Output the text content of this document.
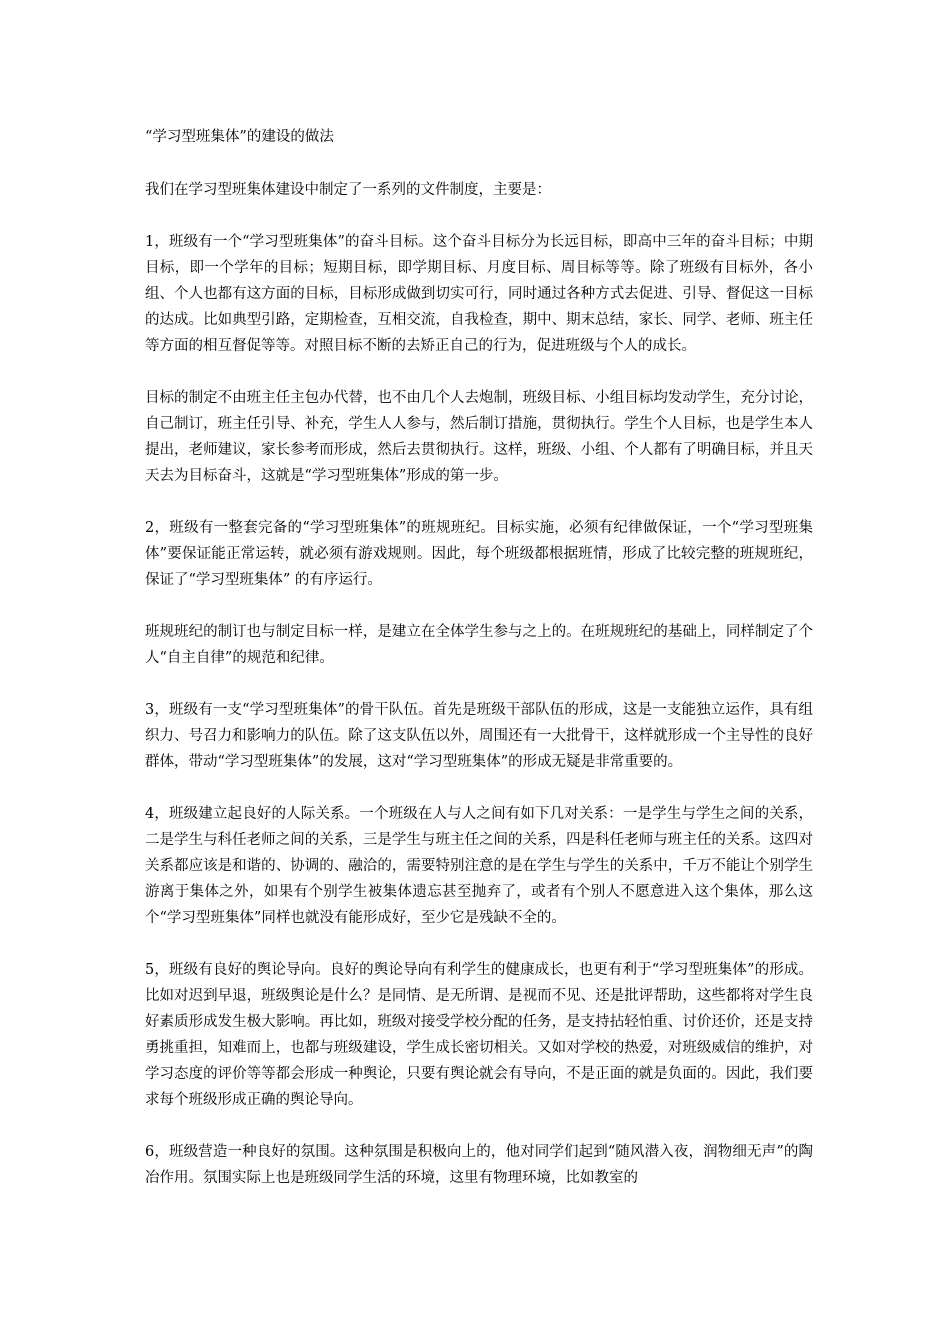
“学习型班集体”的建设的做法

我们在学习型班集体建设中制定了一系列的文件制度，主要是：

1，班级有一个“学习型班集体”的奋斗目标。这个奋斗目标分为长远目标，即高中三年的奋斗目标；中期目标，即一个学年的目标；短期目标，即学期目标、月度目标、周目标等等。除了班级有目标外，各小组、个人也都有这方面的目标，目标形成做到切实可行，同时通过各种方式去促进、引导、督促这一目标的达成。比如典型引路，定期检查，互相交流，自我检查，期中、期末总结，家长、同学、老师、班主任等方面的相互督促等等。对照目标不断的去矫正自己的行为，促进班级与个人的成长。

目标的制定不由班主任主包办代替，也不由几个人去炮制，班级目标、小组目标均发动学生，充分讨论，自己制订，班主任引导、补充，学生人人参与，然后制订措施，贯彻执行。学生个人目标，也是学生本人提出，老师建议，家长参考而形成，然后去贯彻执行。这样，班级、小组、个人都有了明确目标，并且天天去为目标奋斗，这就是“学习型班集体”形成的第一步。

2，班级有一整套完备的“学习型班集体”的班规班纪。目标实施，必须有纪律做保证，一个“学习型班集体”要保证能正常运转，就必须有游戏规则。因此，每个班级都根据班情，形成了比较完整的班规班纪，保证了“学习型班集体” 的有序运行。

班规班纪的制订也与制定目标一样，是建立在全体学生参与之上的。在班规班纪的基础上，同样制定了个人“自主自律”的规范和纪律。

3，班级有一支“学习型班集体”的骨干队伍。首先是班级干部队伍的形成，这是一支能独立运作，具有组织力、号召力和影响力的队伍。除了这支队伍以外，周围还有一大批骨干，这样就形成一个主导性的良好群体，带动“学习型班集体”的发展，这对“学习型班集体”的形成无疑是非常重要的。

4，班级建立起良好的人际关系。一个班级在人与人之间有如下几对关系：一是学生与学生之间的关系，二是学生与科任老师之间的关系，三是学生与班主任之间的关系，四是科任老师与班主任的关系。这四对关系都应该是和谐的、协调的、融洽的，需要特别注意的是在学生与学生的关系中，千万不能让个别学生游离于集体之外，如果有个别学生被集体遗忘甚至抛弃了，或者有个别人不愿意进入这个集体，那么这个“学习型班集体”同样也就没有能形成好，至少它是残缺不全的。

5，班级有良好的舆论导向。良好的舆论导向有利学生的健康成长，也更有利于“学习型班集体”的形成。比如对迟到早退，班级舆论是什么？是同情、是无所谓、是视而不见、还是批评帮助，这些都将对学生良好素质形成发生极大影响。再比如，班级对接受学校分配的任务，是支持拈轻怕重、讨价还价，还是支持勇挑重担，知难而上，也都与班级建设，学生成长密切相关。又如对学校的热爱，对班级威信的维护，对学习态度的评价等等都会形成一种舆论，只要有舆论就会有导向，不是正面的就是负面的。因此，我们要求每个班级形成正确的舆论导向。

6，班级营造一种良好的氛围。这种氛围是积极向上的，他对同学们起到“随风潜入夜，润物细无声”的陶冶作用。氛围实际上也是班级同学生活的环境，这里有物理环境，比如教室的
